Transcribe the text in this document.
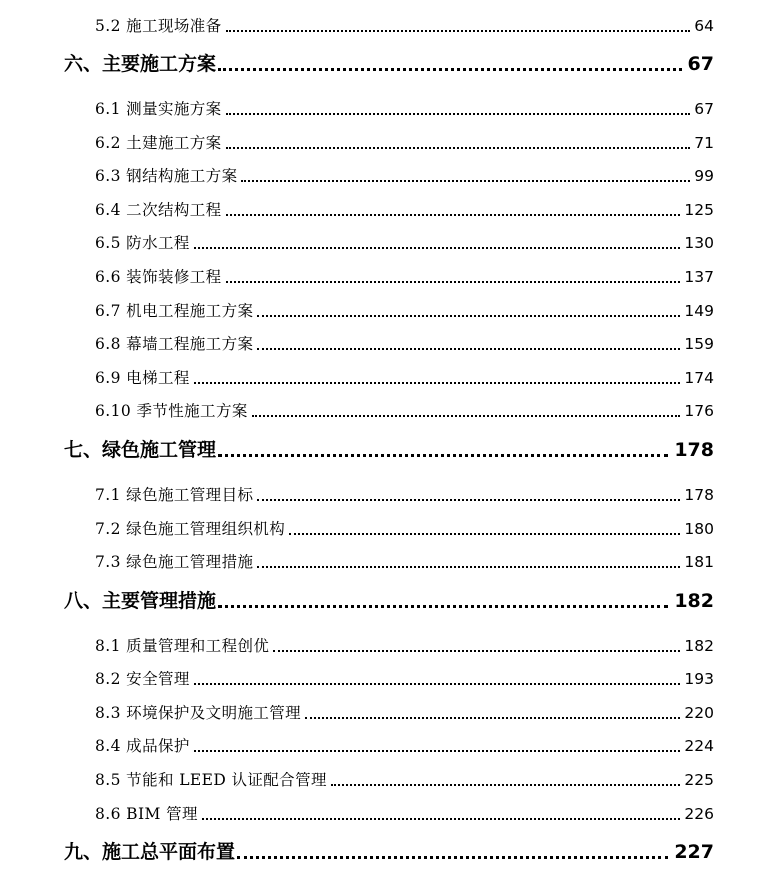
5.2 施工现场准备	64
六、主要施工方案	67
6.1 测量实施方案	67
6.2 土建施工方案	71
6.3 钢结构施工方案	99
6.4 二次结构工程	125
6.5 防水工程	130
6.6 装饰装修工程	137
6.7 机电工程施工方案	149
6.8 幕墙工程施工方案	159
6.9 电梯工程	174
6.10 季节性施工方案	176
七、绿色施工管理	178
7.1 绿色施工管理目标	178
7.2 绿色施工管理组织机构	180
7.3 绿色施工管理措施	181
八、主要管理措施	182
8.1 质量管理和工程创优	182
8.2 安全管理	193
8.3 环境保护及文明施工管理	220
8.4 成品保护	224
8.5 节能和 LEED 认证配合管理	225
8.6 BIM 管理	226
九、施工总平面布置	227
